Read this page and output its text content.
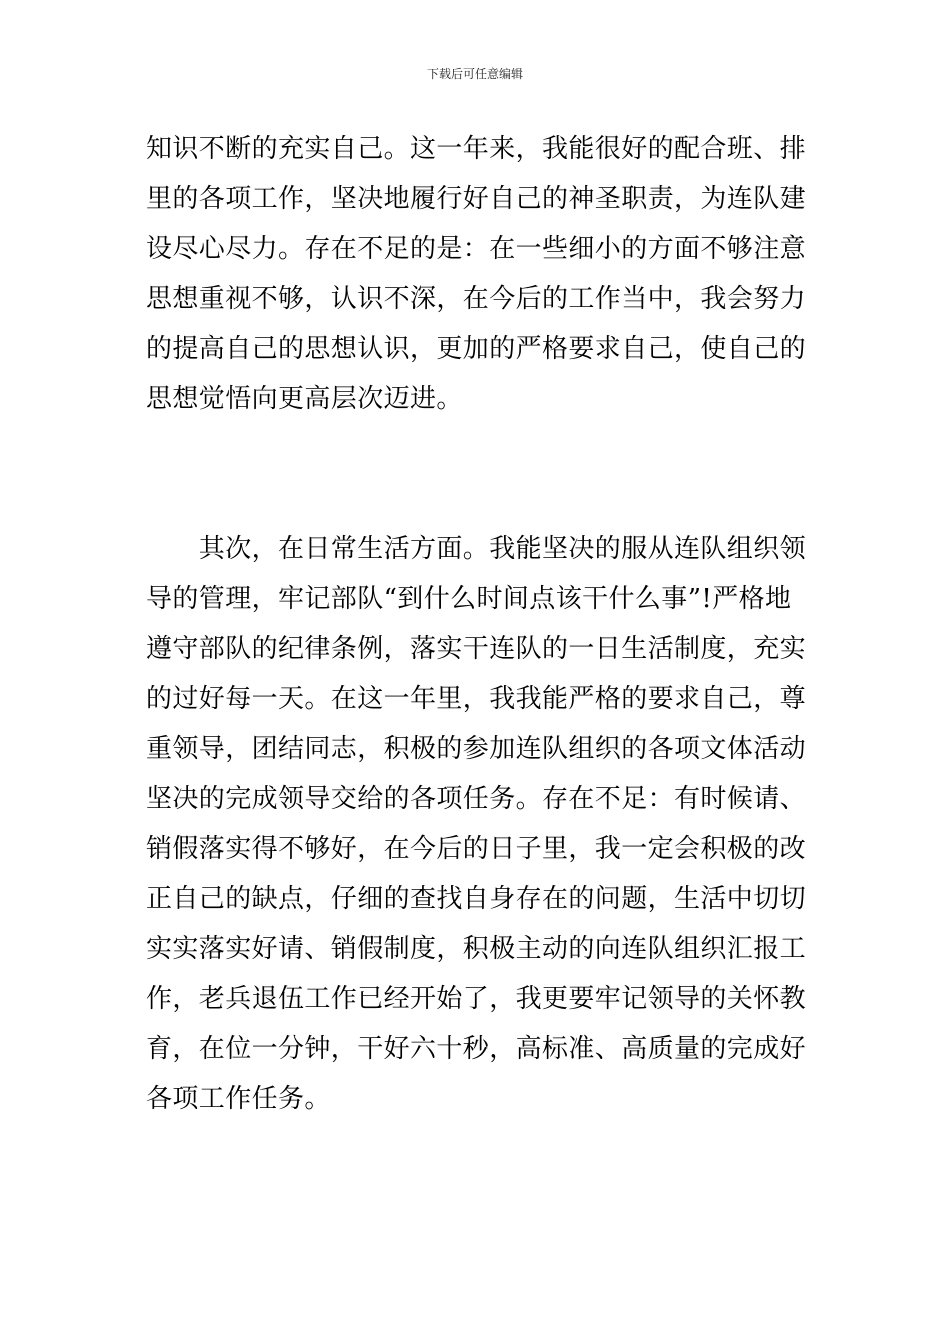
下载后可任意编辑
知识不断的充实自己。这一年来，我能很好的配合班、排
里的各项工作，坚决地履行好自己的神圣职责，为连队建
设尽心尽力。存在不足的是：在一些细小的方面不够注意
思想重视不够，认识不深，在今后的工作当中，我会努力
的提高自己的思想认识，更加的严格要求自己，使自己的
思想觉悟向更高层次迈进。
　　其次，在日常生活方面。我能坚决的服从连队组织领
导的管理，牢记部队“到什么时间点该干什么事”!严格地
遵守部队的纪律条例，落实干连队的一日生活制度，充实
的过好每一天。在这一年里，我我能严格的要求自己，尊
重领导，团结同志，积极的参加连队组织的各项文体活动
坚决的完成领导交给的各项任务。存在不足：有时候请、
销假落实得不够好，在今后的日子里，我一定会积极的改
正自己的缺点，仔细的查找自身存在的问题，生活中切切
实实落实好请、销假制度，积极主动的向连队组织汇报工
作，老兵退伍工作已经开始了，我更要牢记领导的关怀教
育，在位一分钟，干好六十秒，高标准、高质量的完成好
各项工作任务。
